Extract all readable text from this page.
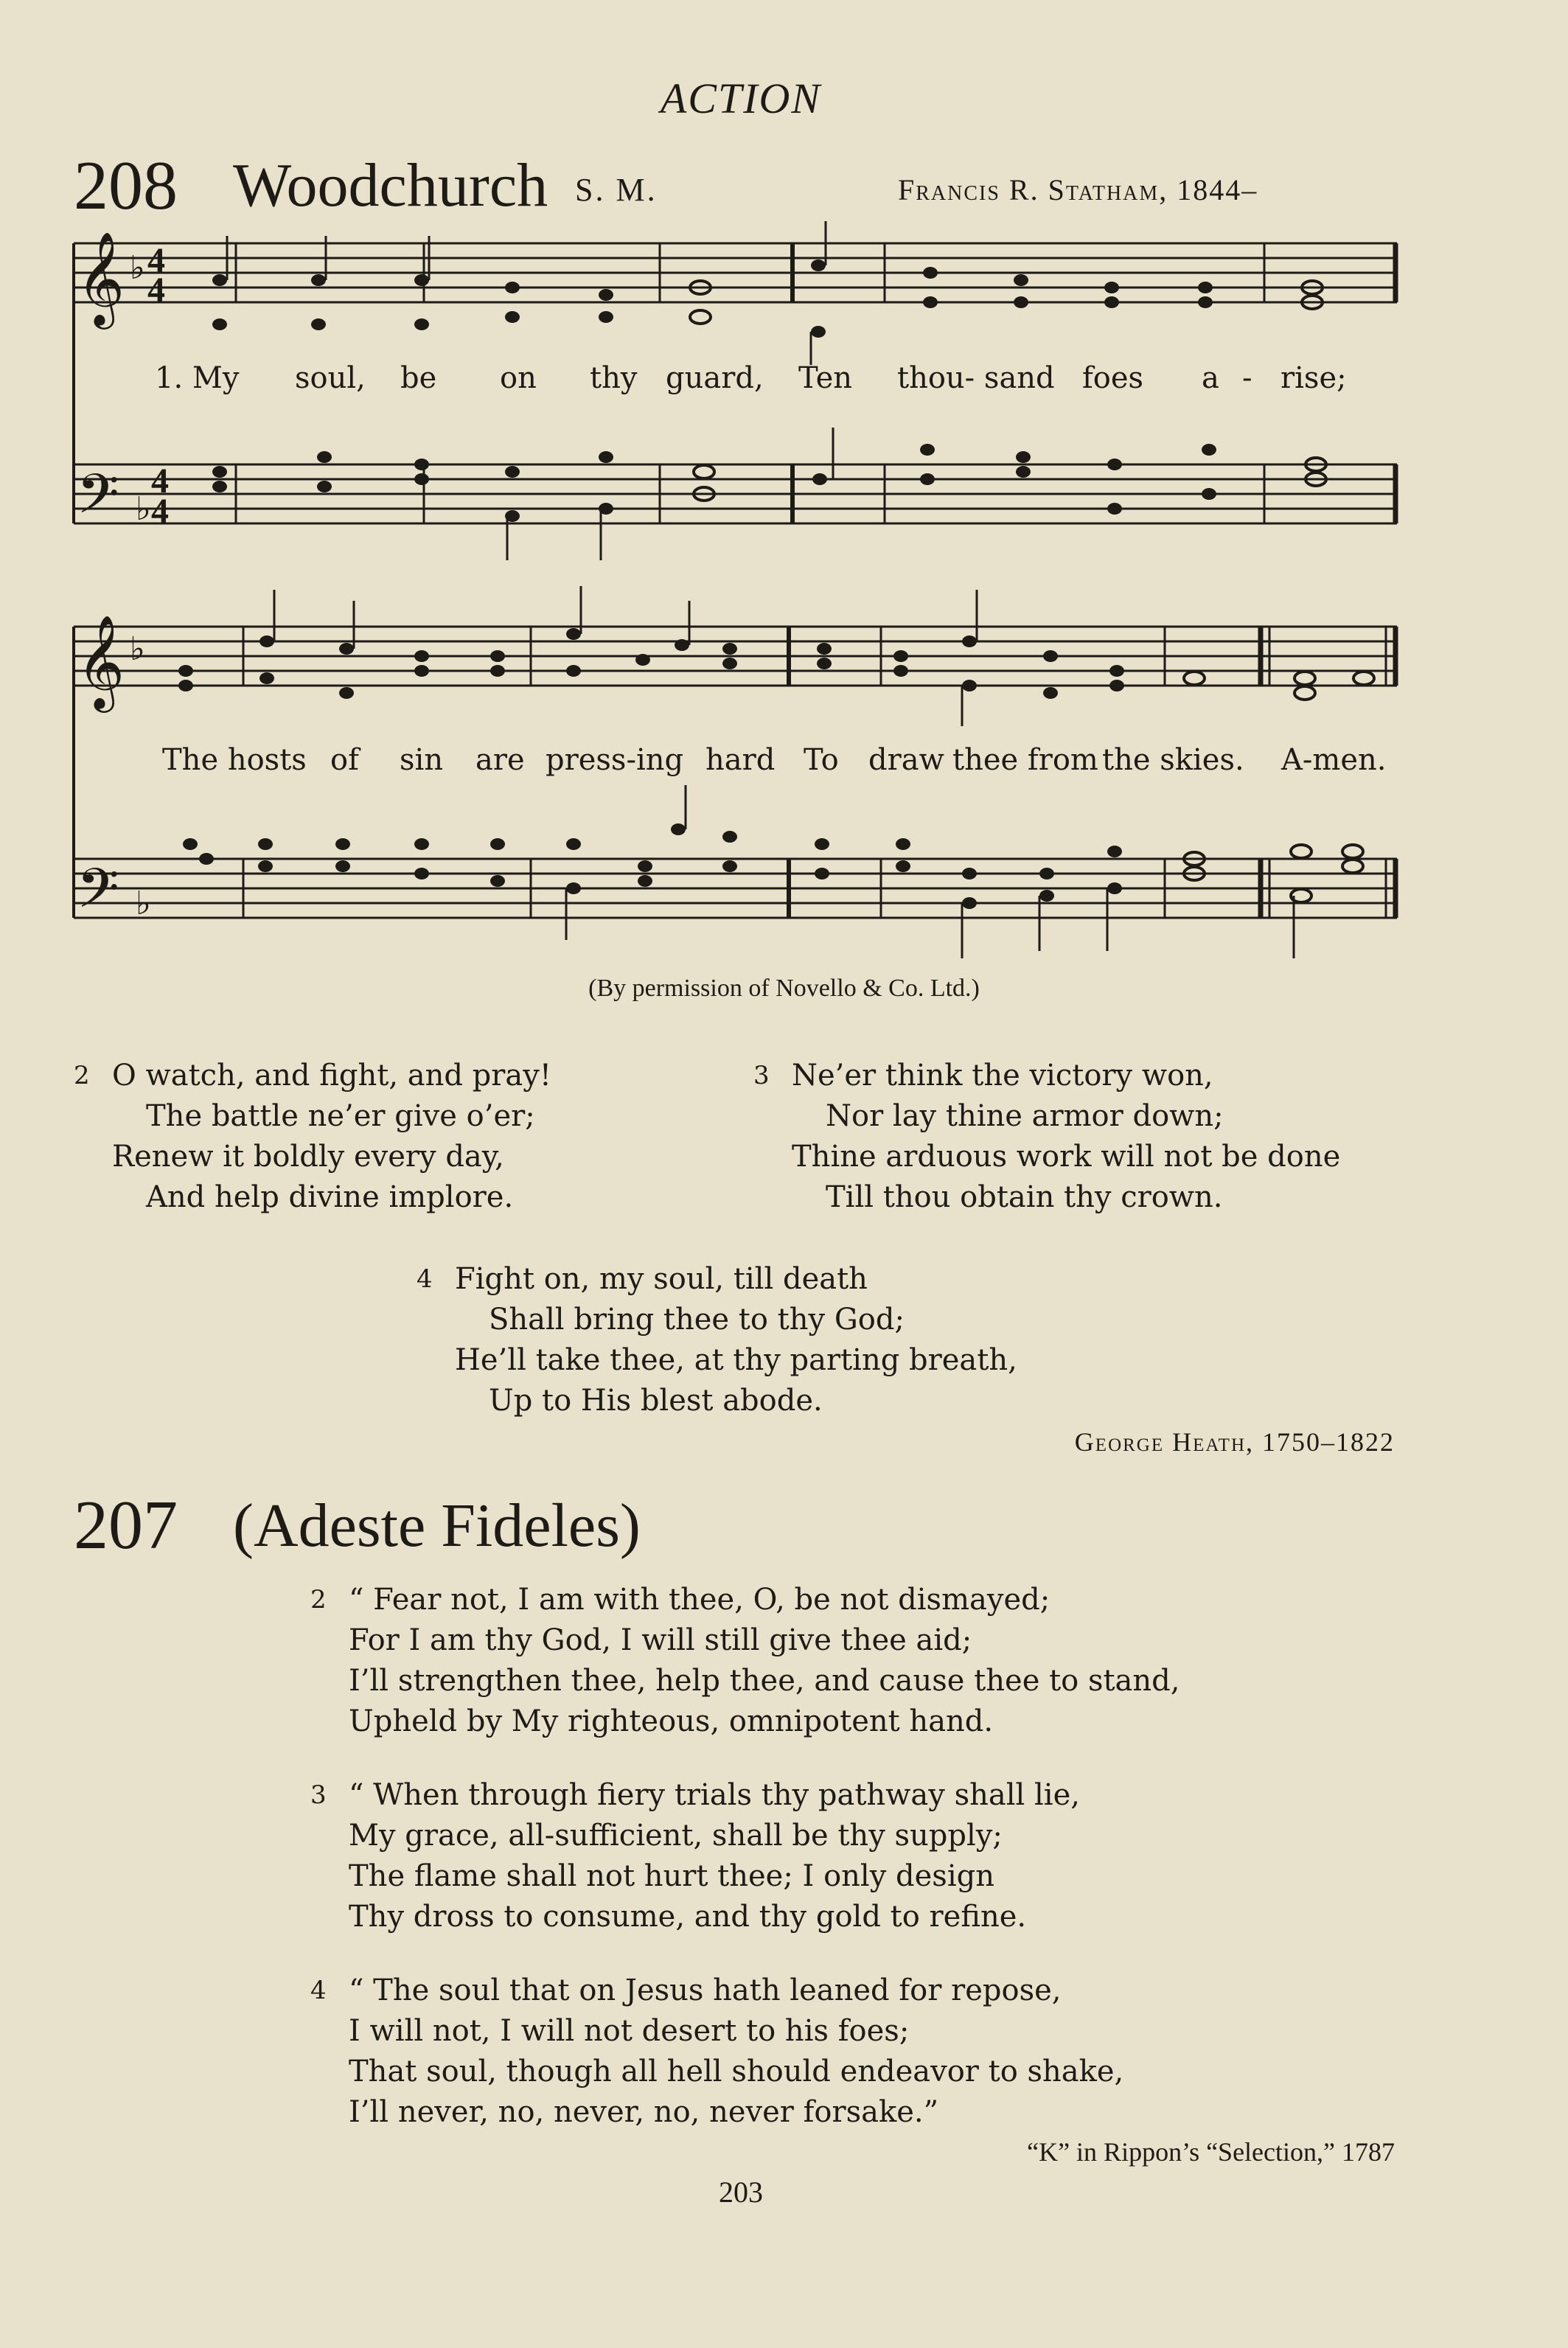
ACTION
208 Woodchurch S. M.	Francis R. Statham, 1844–
𝄞
𝄞
𝄢
𝄢
♭
♭
♭
♭
4
4
4
4
1. My soul, be on thy guard, Ten thou- sand foes a - rise;
The hosts of sin are press-ing hard To draw thee from the skies. A-men.
(By permission of Novello & Co. Ltd.)
2 O watch, and fight, and pray!
The battle ne’er give o’er;
Renew it boldly every day,
And help divine implore.
3 Ne’er think the victory won,
Nor lay thine armor down;
Thine arduous work will not be done
Till thou obtain thy crown.
4 Fight on, my soul, till death
Shall bring thee to thy God;
He’ll take thee, at thy parting breath,
Up to His blest abode.
George Heath, 1750–1822
207 (Adeste Fideles)
2 “ Fear not, I am with thee, O, be not dismayed;
For I am thy God, I will still give thee aid;
I’ll strengthen thee, help thee, and cause thee to stand,
Upheld by My righteous, omnipotent hand.
3 “ When through fiery trials thy pathway shall lie,
My grace, all-sufficient, shall be thy supply;
The flame shall not hurt thee; I only design
Thy dross to consume, and thy gold to refine.
4 “ The soul that on Jesus hath leaned for repose,
I will not, I will not desert to his foes;
That soul, though all hell should endeavor to shake,
I’ll never, no, never, no, never forsake.”
“K” in Rippon’s “Selection,” 1787
203
